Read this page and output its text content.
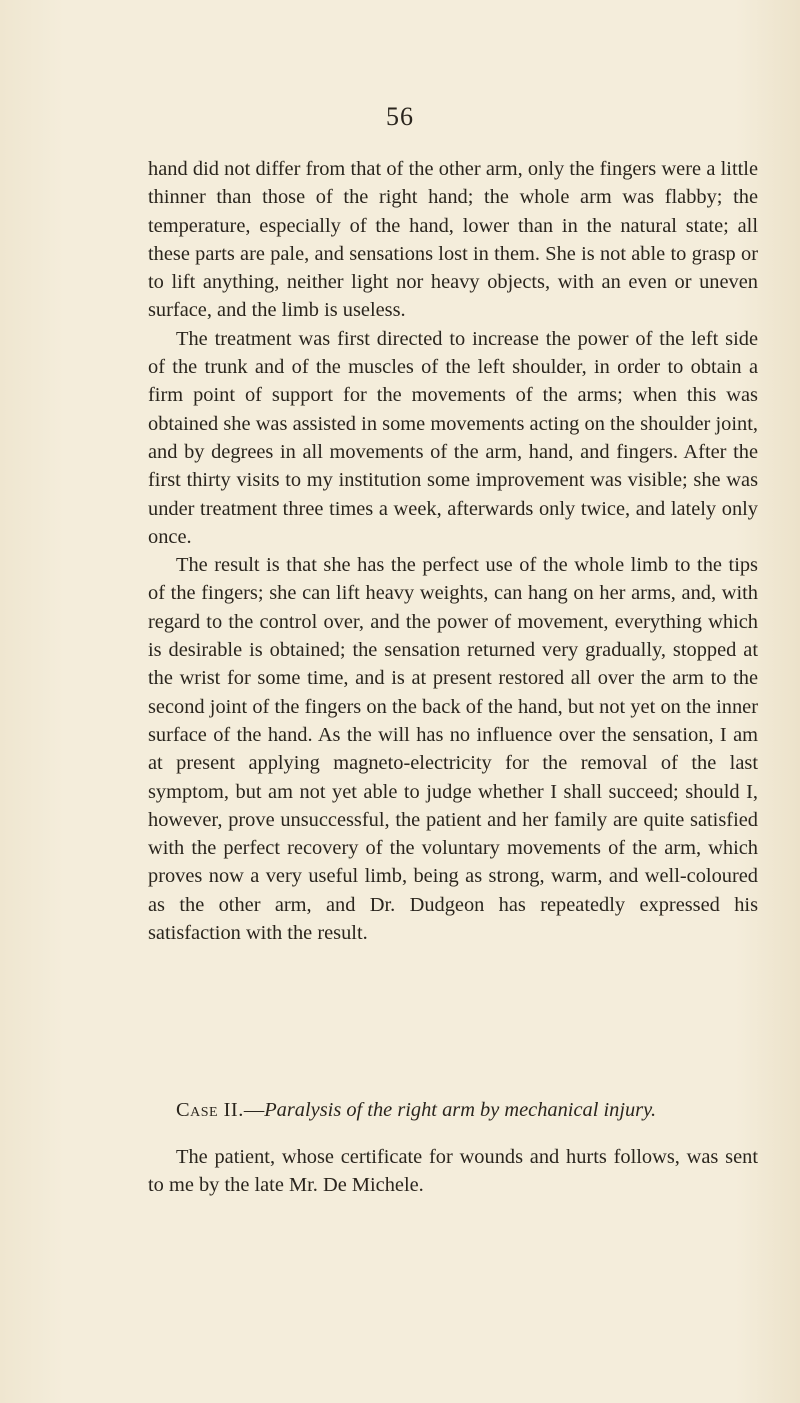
56

hand did not differ from that of the other arm, only the fingers were a little thinner than those of the right hand; the whole arm was flabby; the temperature, especially of the hand, lower than in the natural state; all these parts are pale, and sensations lost in them. She is not able to grasp or to lift anything, neither light nor heavy objects, with an even or uneven surface, and the limb is useless.

The treatment was first directed to increase the power of the left side of the trunk and of the muscles of the left shoulder, in order to obtain a firm point of support for the movements of the arms; when this was obtained she was assisted in some movements acting on the shoulder joint, and by degrees in all movements of the arm, hand, and fingers. After the first thirty visits to my institution some improvement was visible; she was under treatment three times a week, afterwards only twice, and lately only once.

The result is that she has the perfect use of the whole limb to the tips of the fingers; she can lift heavy weights, can hang on her arms, and, with regard to the control over, and the power of movement, everything which is desirable is obtained; the sensation returned very gradually, stopped at the wrist for some time, and is at present restored all over the arm to the second joint of the fingers on the back of the hand, but not yet on the inner surface of the hand. As the will has no influence over the sensation, I am at present applying magneto-electricity for the removal of the last symptom, but am not yet able to judge whether I shall succeed; should I, however, prove unsuccessful, the patient and her family are quite satisfied with the perfect recovery of the voluntary movements of the arm, which proves now a very useful limb, being as strong, warm, and well-coloured as the other arm, and Dr. Dudgeon has repeatedly expressed his satisfaction with the result.

Case II.—Paralysis of the right arm by mechanical injury.

The patient, whose certificate for wounds and hurts follows, was sent to me by the late Mr. De Michele.
